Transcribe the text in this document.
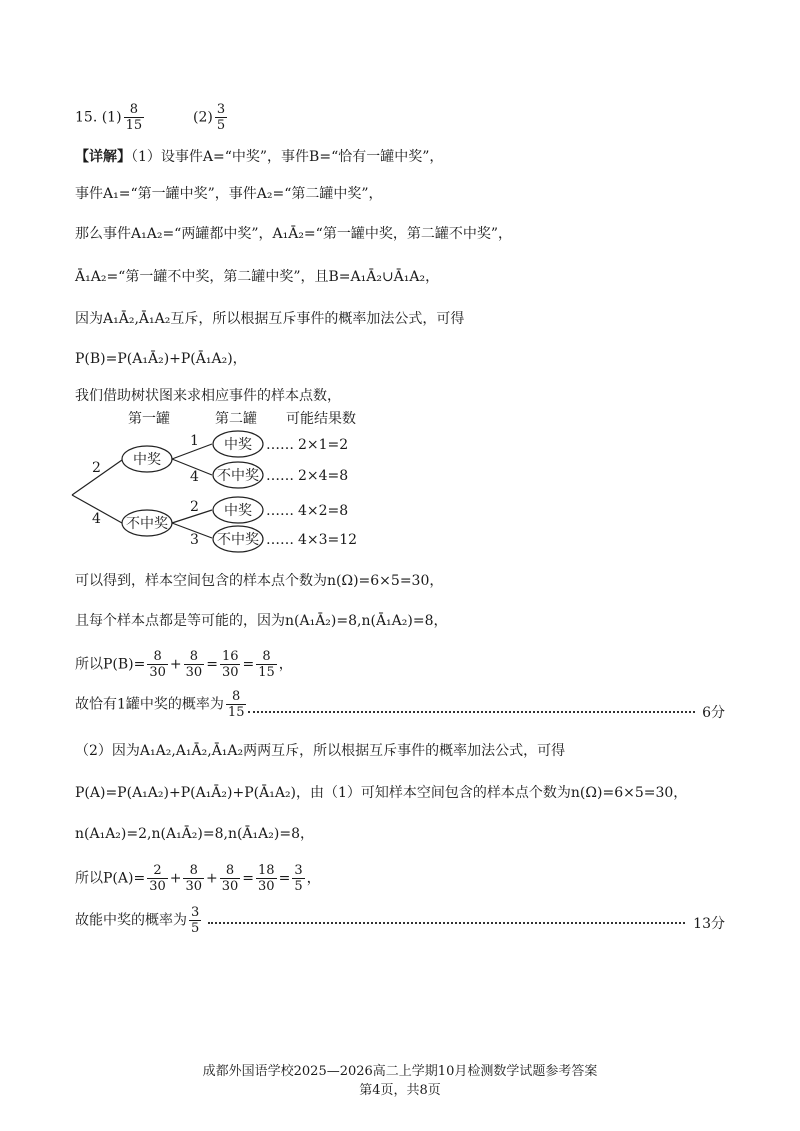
15. $(1) \frac{8}{15}$	$(2) \frac{3}{5}$
【详解】（1）设事件A=“中奖”，事件B=“恰有一罐中奖”，
事件A₁=“第一罐中奖”，事件A₂=“第二罐中奖”，
那么事件A₁A₂=“两罐都中奖”，A₁Ā₂=“第一罐中奖，第二罐不中奖”，
Ā₁A₂=“第一罐不中奖，第二罐中奖”，且B=A₁Ā₂∪Ā₁A₂，
因为A₁Ā₂,Ā₁A₂互斥，所以根据互斥事件的概率加法公式，可得
P(B)=P(A₁Ā₂)+P(Ā₁A₂)，
我们借助树状图来求相应事件的样本点数，
第一罐	第二罐 可能结果数
2
4
中奖
不中奖
1
4
2
3
中奖
不中奖
中奖
不中奖
…… 2×1=2
…… 2×4=8
…… 4×2=8
…… 4×3=12
可以得到，样本空间包含的样本点个数为n(Ω)=6×5=30，
且每个样本点都是等可能的，因为n(A₁Ā₂)=8,n(Ā₁A₂)=8，
所以$P(B)= \frac{8}{30} + \frac{8}{30} = \frac{16}{30} = \frac{8}{15}$ ，
故恰有1罐中奖的概率为 $\frac{8}{15}$	6分
（2）因为A₁A₂,A₁Ā₂,Ā₁A₂两两互斥，所以根据互斥事件的概率加法公式，可得
P(A)=P(A₁A₂)+P(A₁Ā₂)+P(Ā₁A₂)，由（1）可知样本空间包含的样本点个数为n(Ω)=6×5=30，
n(A₁A₂)=2,n(A₁Ā₂)=8,n(Ā₁A₂)=8，
所以$P(A)= \frac{2}{30} + \frac{8}{30} + \frac{8}{30} = \frac{18}{30} = \frac{3}{5}$ ，
故能中奖的概率为 $\frac{3}{5}$	13分
成都外国语学校2025—2026高二上学期10月检测数学试题参考答案
第4页，共8页
